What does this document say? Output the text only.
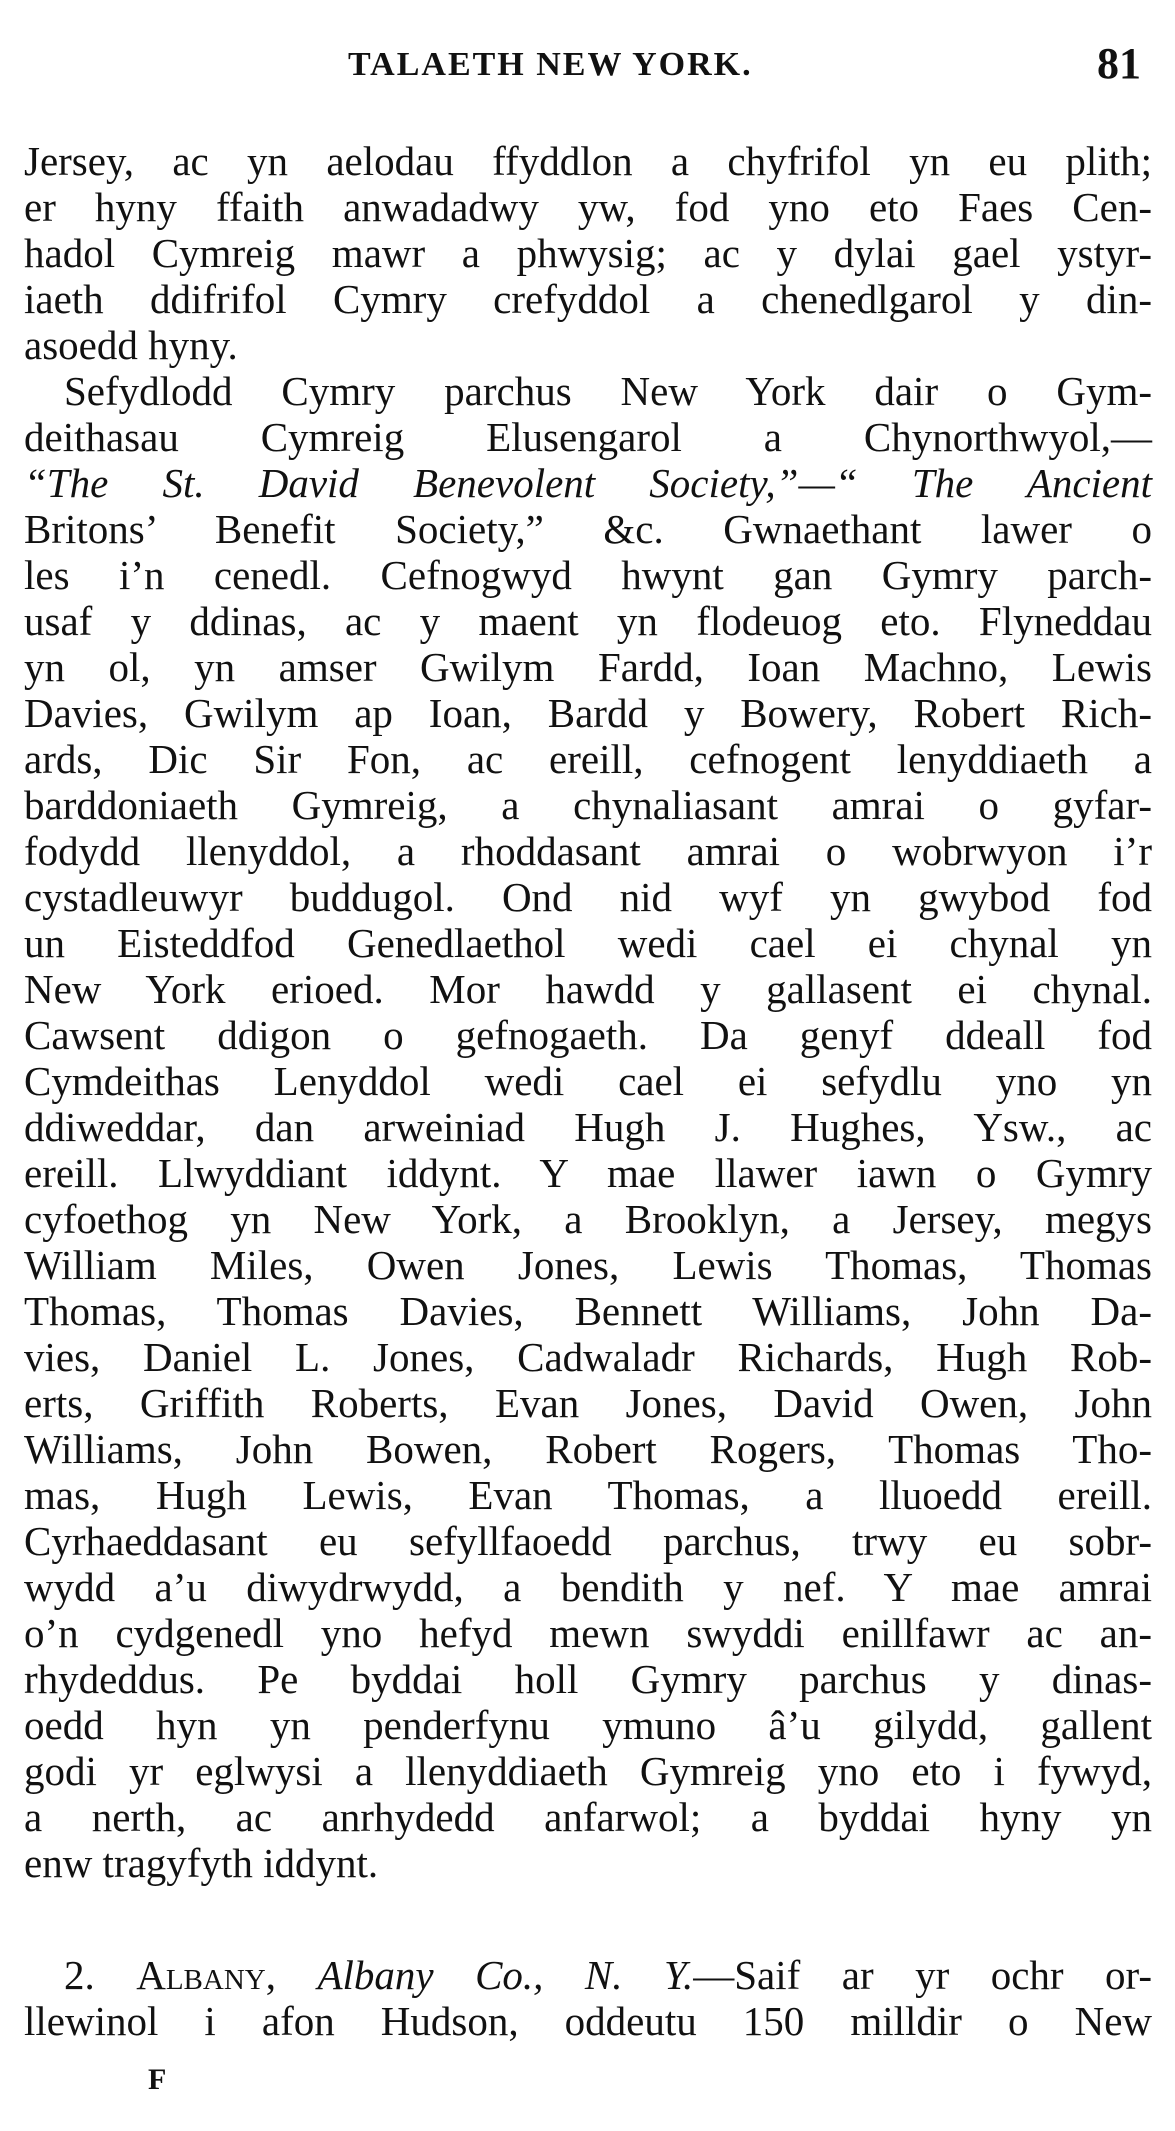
TALAETH NEW YORK.	81
Jersey, ac yn aelodau ffyddlon a chyfrifol yn eu plith;
er hyny ffaith anwadadwy yw, fod yno eto Faes Cen-
hadol Cymreig mawr a phwysig; ac y dylai gael ystyr-
iaeth ddifrifol Cymry crefyddol a chenedlgarol y din-
asoedd hyny.
Sefydlodd Cymry parchus New York dair o Gym-
deithasau Cymreig Elusengarol a Chynorthwyol,—
“The St. David Benevolent Society,”—“ The Ancient
Britons’ Benefit Society,” &c. Gwnaethant lawer o
les i’n cenedl. Cefnogwyd hwynt gan Gymry parch-
usaf y ddinas, ac y maent yn flodeuog eto. Flyneddau
yn ol, yn amser Gwilym Fardd, Ioan Machno, Lewis
Davies, Gwilym ap Ioan, Bardd y Bowery, Robert Rich-
ards, Dic Sir Fon, ac ereill, cefnogent lenyddiaeth a
barddoniaeth Gymreig, a chynaliasant amrai o gyfar-
fodydd llenyddol, a rhoddasant amrai o wobrwyon i’r
cystadleuwyr buddugol. Ond nid wyf yn gwybod fod
un Eisteddfod Genedlaethol wedi cael ei chynal yn
New York erioed. Mor hawdd y gallasent ei chynal.
Cawsent ddigon o gefnogaeth. Da genyf ddeall fod
Cymdeithas Lenyddol wedi cael ei sefydlu yno yn
ddiweddar, dan arweiniad Hugh J. Hughes, Ysw., ac
ereill. Llwyddiant iddynt. Y mae llawer iawn o Gymry
cyfoethog yn New York, a Brooklyn, a Jersey, megys
William Miles, Owen Jones, Lewis Thomas, Thomas
Thomas, Thomas Davies, Bennett Williams, John Da-
vies, Daniel L. Jones, Cadwaladr Richards, Hugh Rob-
erts, Griffith Roberts, Evan Jones, David Owen, John
Williams, John Bowen, Robert Rogers, Thomas Tho-
mas, Hugh Lewis, Evan Thomas, a lluoedd ereill.
Cyrhaeddasant eu sefyllfaoedd parchus, trwy eu sobr-
wydd a’u diwydrwydd, a bendith y nef. Y mae amrai
o’n cydgenedl yno hefyd mewn swyddi enillfawr ac an-
rhydeddus. Pe byddai holl Gymry parchus y dinas-
oedd hyn yn penderfynu ymuno â’u gilydd, gallent
godi yr eglwysi a llenyddiaeth Gymreig yno eto i fywyd,
a nerth, ac anrhydedd anfarwol; a byddai hyny yn
enw tragyfyth iddynt.
2. Albany, Albany Co., N. Y.—Saif ar yr ochr or-
llewinol i afon Hudson, oddeutu 150 milldir o New
F
